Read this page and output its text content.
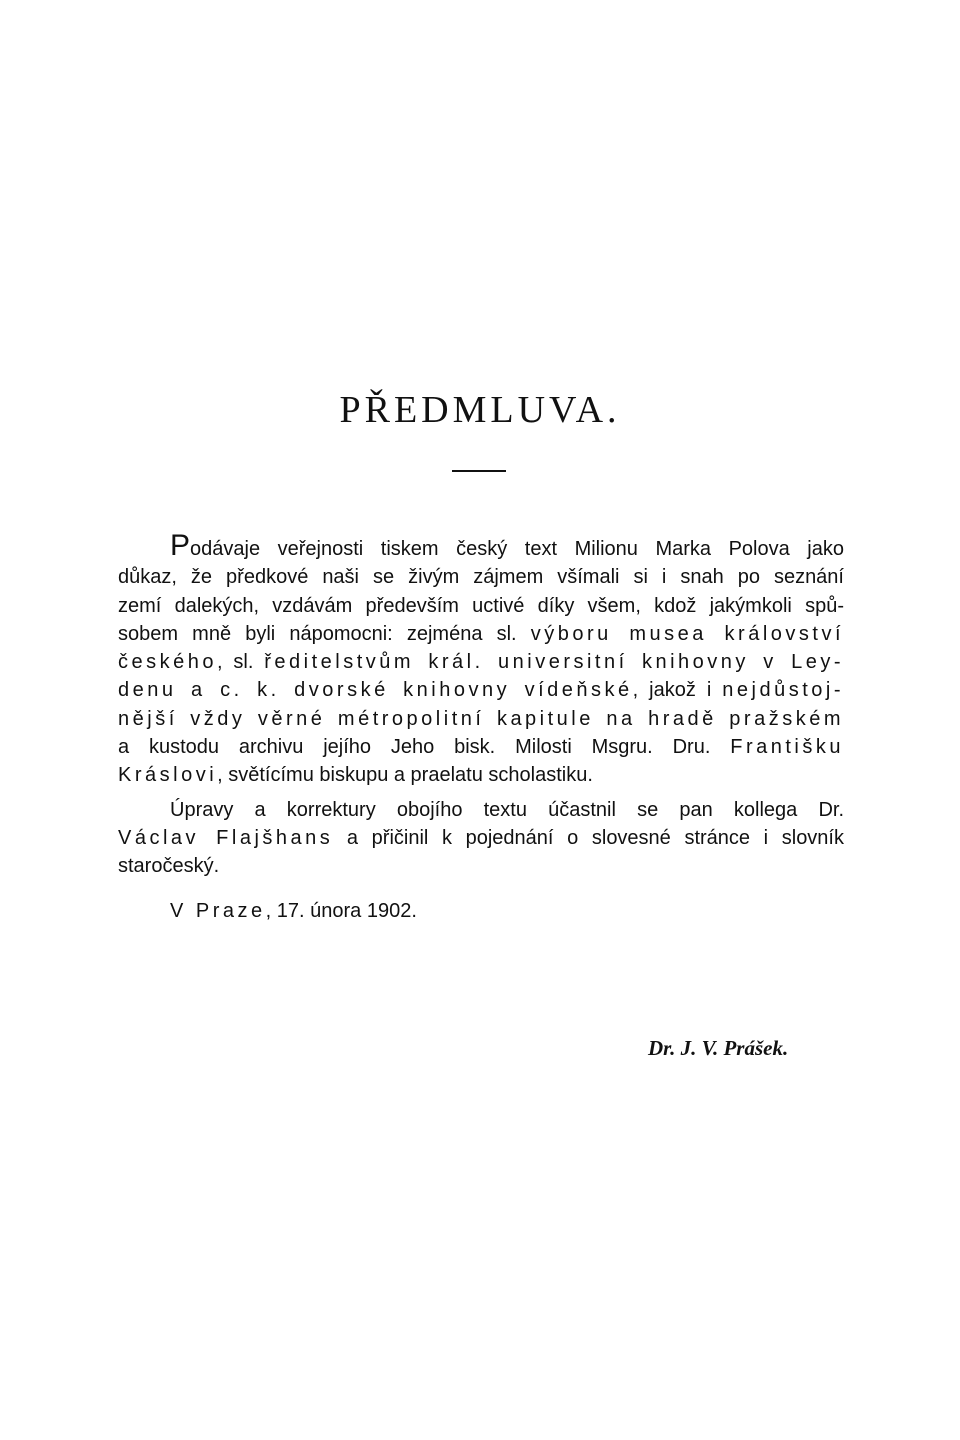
PŘEDMLUVA.
Podávaje veřejnosti tiskem český text Milionu Marka Polova jako
důkaz, že předkové naši se živým zájmem všímali si i snah po seznání
zemí dalekých, vzdávám především uctivé díky všem, kdož jakýmkoli spů-
sobem mně byli nápomocni: zejména sl. výboru musea království
českého, sl. ředitelstvům král. universitní knihovny v Ley-
denu a c. k. dvorské knihovny vídeňské, jakož i nejdůstoj-
nější vždy věrné métropolitní kapitule na hradě pražském
a kustodu archivu jejího Jeho bisk. Milosti Msgru. Dru. Františku
Kráslovi, světícímu biskupu a praelatu scholastiku.
Úpravy a korrektury obojího textu účastnil se pan kollega Dr.
Václav Flajšhans a přičinil k pojednání o slovesné stránce i slovník
staročeský.
V Praze, 17. února 1902.
Dr. J. V. Prášek.
